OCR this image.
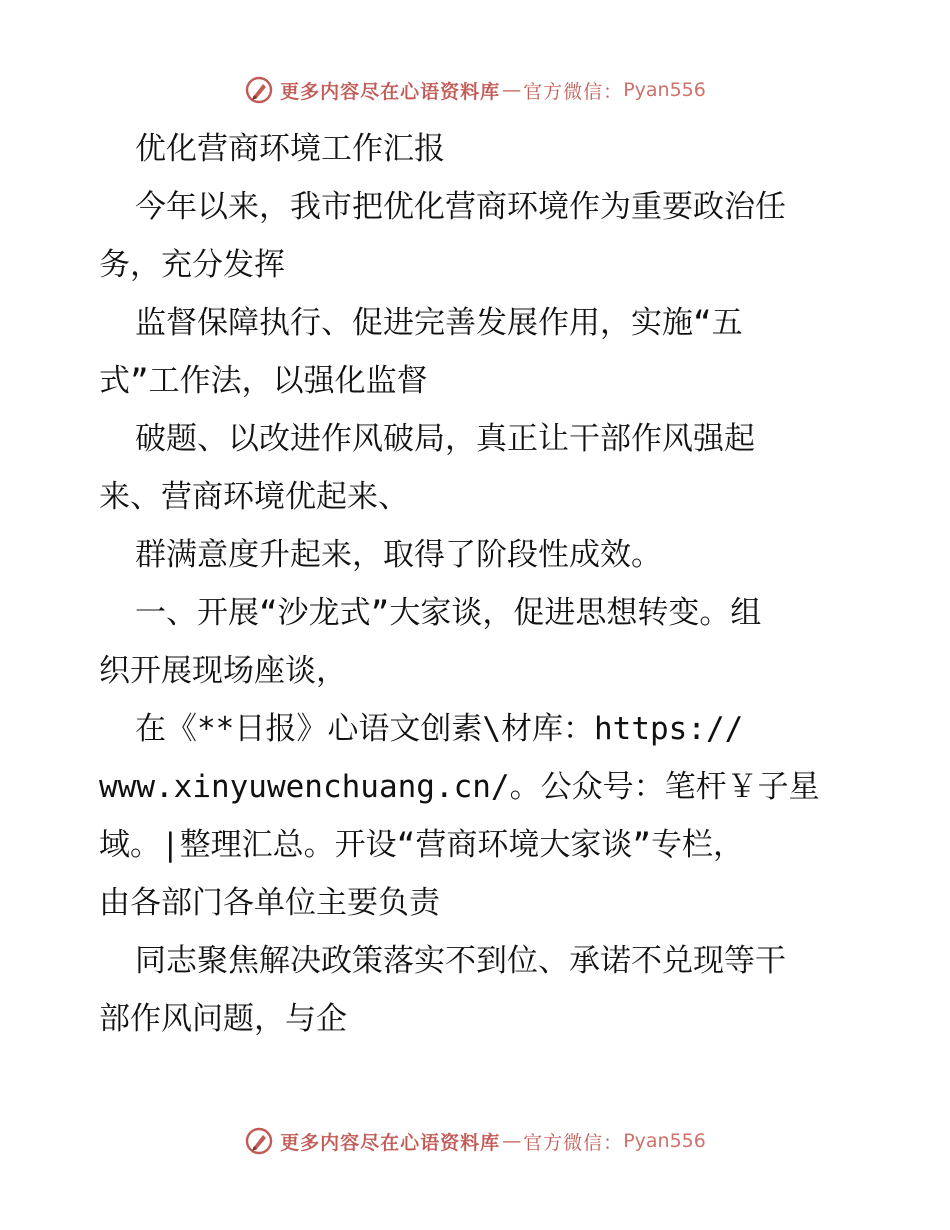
更多内容尽在心语资料库 — 官方微信： Pyan556

优化营商环境工作汇报

今年以来，我市把优化营商环境作为重要政治任

务，充分发挥

监督保障执行、促进完善发展作用，实施“五

式”工作法，以强化监督

破题、以改进作风破局，真正让干部作风强起

来、营商环境优起来、

群满意度升起来，取得了阶段性成效。

一、开展“沙龙式”大家谈，促进思想转变。组

织开展现场座谈，

在《**日报》心语文创素\材库：https://

www.xinyuwenchuang.cn/。公众号：笔杆￥子星

域。|整理汇总。开设“营商环境大家谈”专栏，

由各部门各单位主要负责

同志聚焦解决政策落实不到位、承诺不兑现等干

部作风问题，与企

更多内容尽在心语资料库 — 官方微信： Pyan556
